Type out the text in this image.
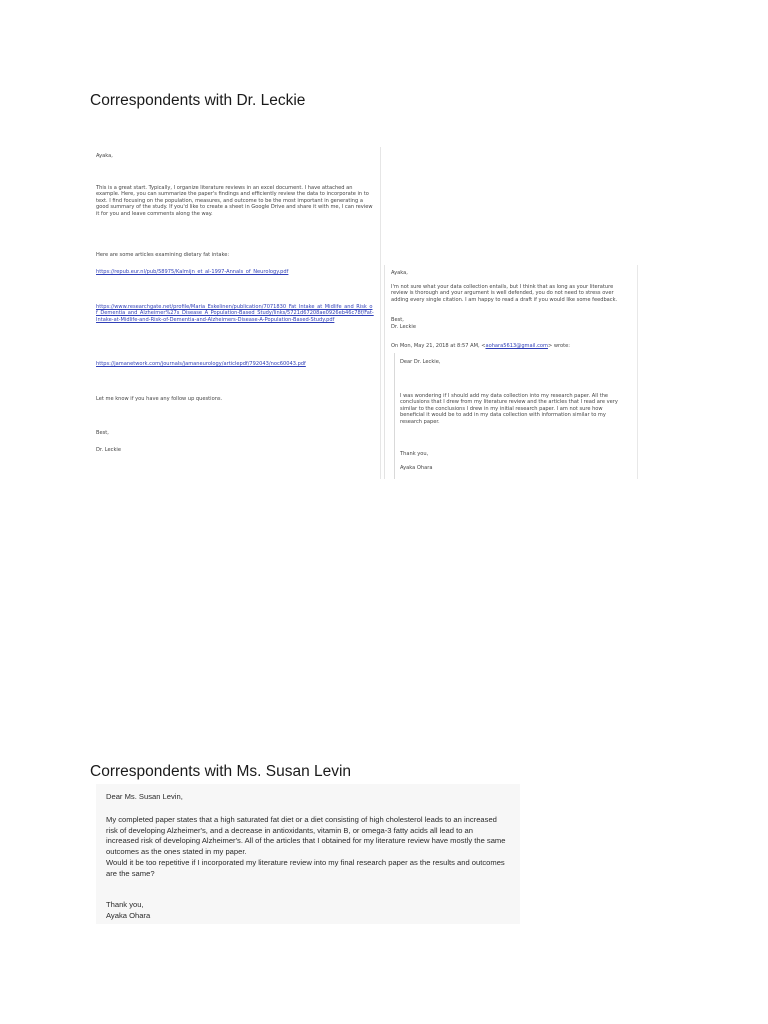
Correspondents with Dr. Leckie

Ayaka,

This is a great start. Typically, I organize literature reviews in an excel document. I have attached an example. Here, you can summarize the paper's findings and efficiently review the data to incorporate in to text. I find focusing on the population, measures, and outcome to be the most important in generating a good summary of the study. If you'd like to create a sheet in Google Drive and share it with me, I can review it for you and leave comments along the way.

Here are some articles examining dietary fat intake:

https://repub.eur.nl/pub/58975/Kalmijn_et_al-1997-Annals_of_Neurology.pdf

https://www.researchgate.net/profile/Maria_Eskelinen/publication/7071830_Fat_Intake_at_Midlife_and_Risk_of_Dementia_and_Alzheimer%27s_Disease_A_Population-Based_Study/links/5721d67208ae0926eb46c78f/Fat-Intake-at-Midlife-and-Risk-of-Dementia-and-Alzheimers-Disease-A-Population-Based-Study.pdf

https://jamanetwork.com/journals/jamaneurology/articlepdf/792043/noc60043.pdf

Let me know if you have any follow up questions.

Best,

Dr. Leckie

Ayaka,

I'm not sure what your data collection entails, but I think that as long as your literature review is thorough and your argument is well defended, you do not need to stress over adding every single citation. I am happy to read a draft if you would like some feedback.

Best,

Dr. Leckie

On Mon, May 21, 2018 at 8:57 AM, <aohara5613@gmail.com> wrote:

Dear Dr. Leckie,

I was wondering if I should add my data collection into my research paper. All the conclusions that I drew from my literature review and the articles that I read are very similar to the conclusions I drew in my initial research paper. I am not sure how beneficial it would be to add in my data collection with information similar to my research paper.

Thank you,

Ayaka Ohara

Correspondents with Ms. Susan Levin

Dear Ms. Susan Levin,

My completed paper states that a high saturated fat diet or a diet consisting of high cholesterol leads to an increased risk of developing Alzheimer's, and a decrease in antioxidants, vitamin B, or omega-3 fatty acids all lead to an increased risk of developing Alzheimer's. All of the articles that I obtained for my literature review have mostly the same outcomes as the ones stated in my paper.

Would it be too repetitive if I incorporated my literature review into my final research paper as the results and outcomes are the same?

Thank you,

Ayaka Ohara
